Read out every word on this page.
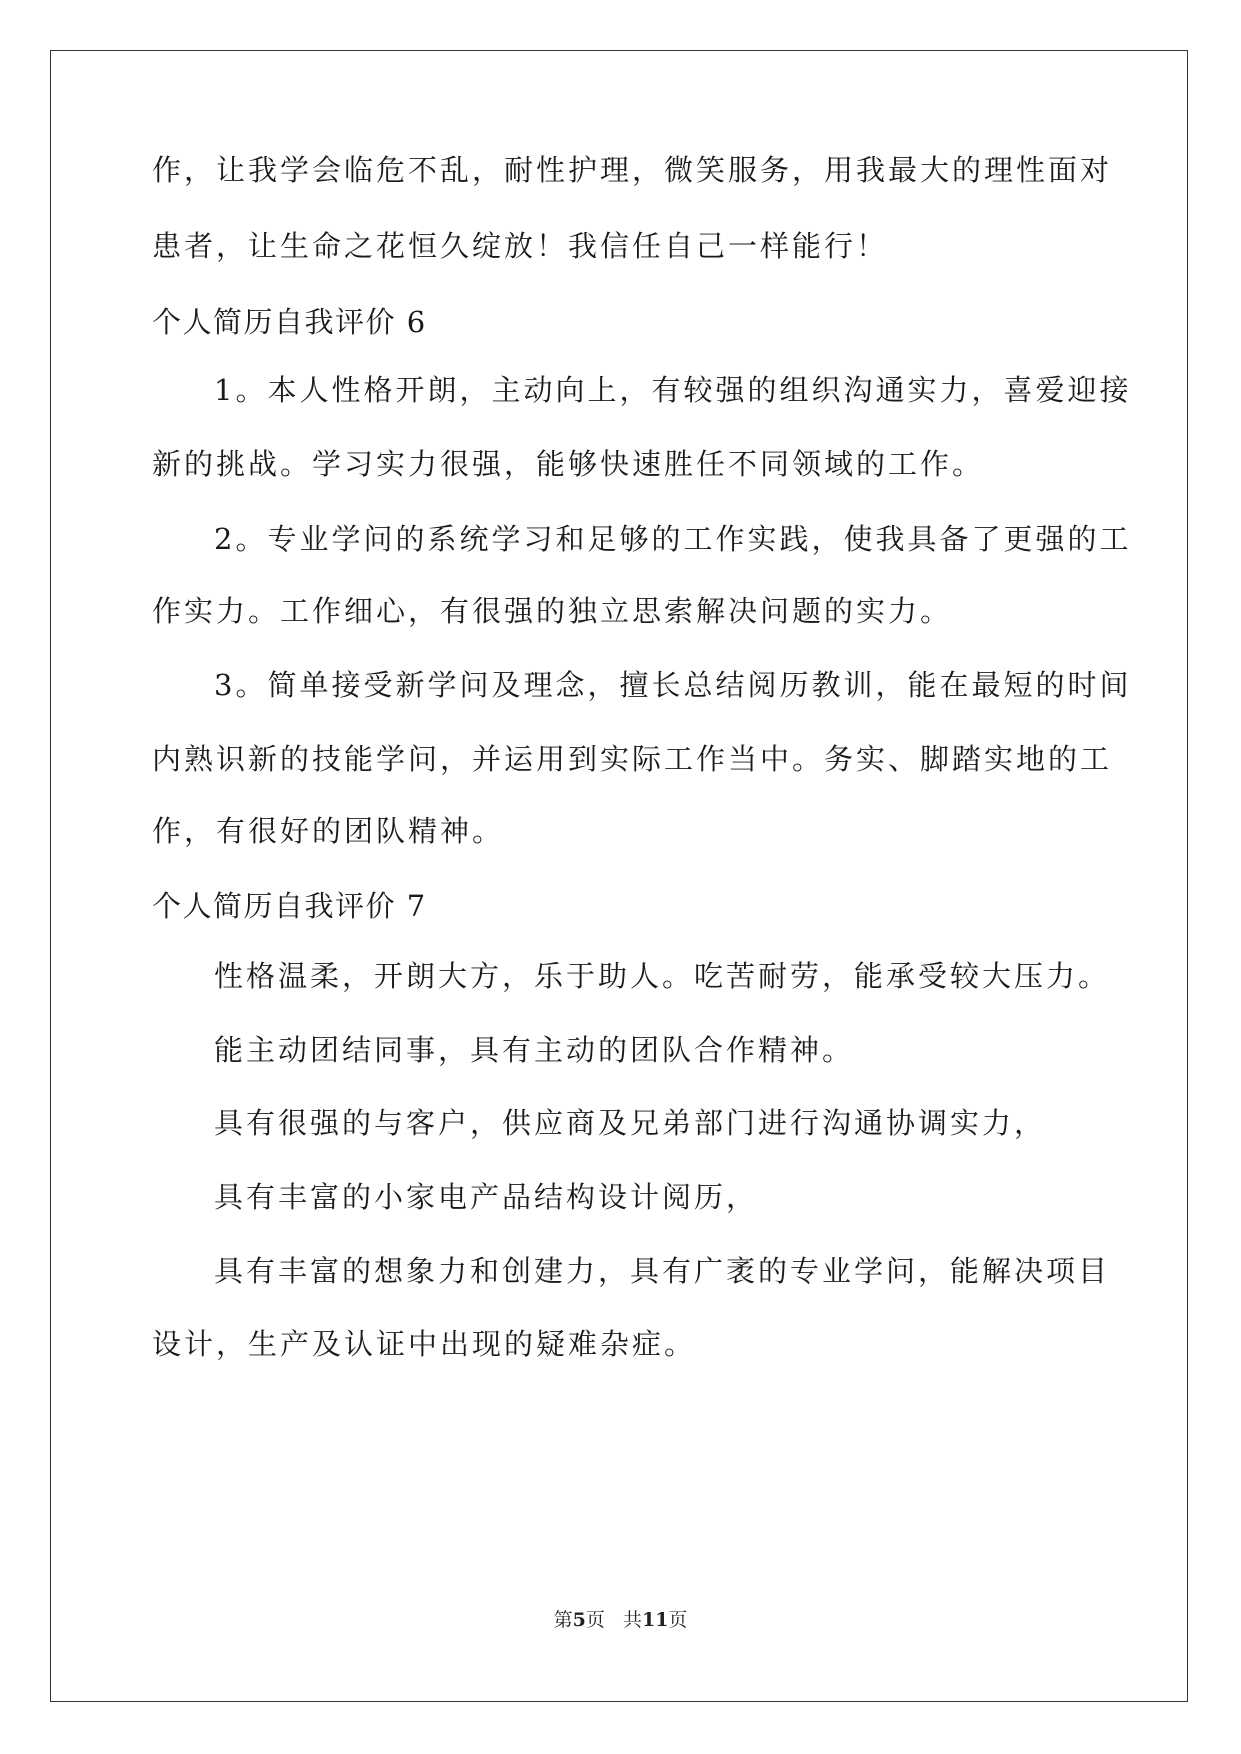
作，让我学会临危不乱，耐性护理，微笑服务，用我最大的理性面对
患者，让生命之花恒久绽放！我信任自己一样能行！
个人简历自我评价 6
1。本人性格开朗，主动向上，有较强的组织沟通实力，喜爱迎接
新的挑战。学习实力很强，能够快速胜任不同领域的工作。
2。专业学问的系统学习和足够的工作实践，使我具备了更强的工
作实力。工作细心，有很强的独立思索解决问题的实力。
3。简单接受新学问及理念，擅长总结阅历教训，能在最短的时间
内熟识新的技能学问，并运用到实际工作当中。务实、脚踏实地的工
作，有很好的团队精神。
个人简历自我评价 7
性格温柔，开朗大方，乐于助人。吃苦耐劳，能承受较大压力。
能主动团结同事，具有主动的团队合作精神。
具有很强的与客户，供应商及兄弟部门进行沟通协调实力，
具有丰富的小家电产品结构设计阅历，
具有丰富的想象力和创建力，具有广袤的专业学问，能解决项目
设计，生产及认证中出现的疑难杂症。
第5页 共11页
